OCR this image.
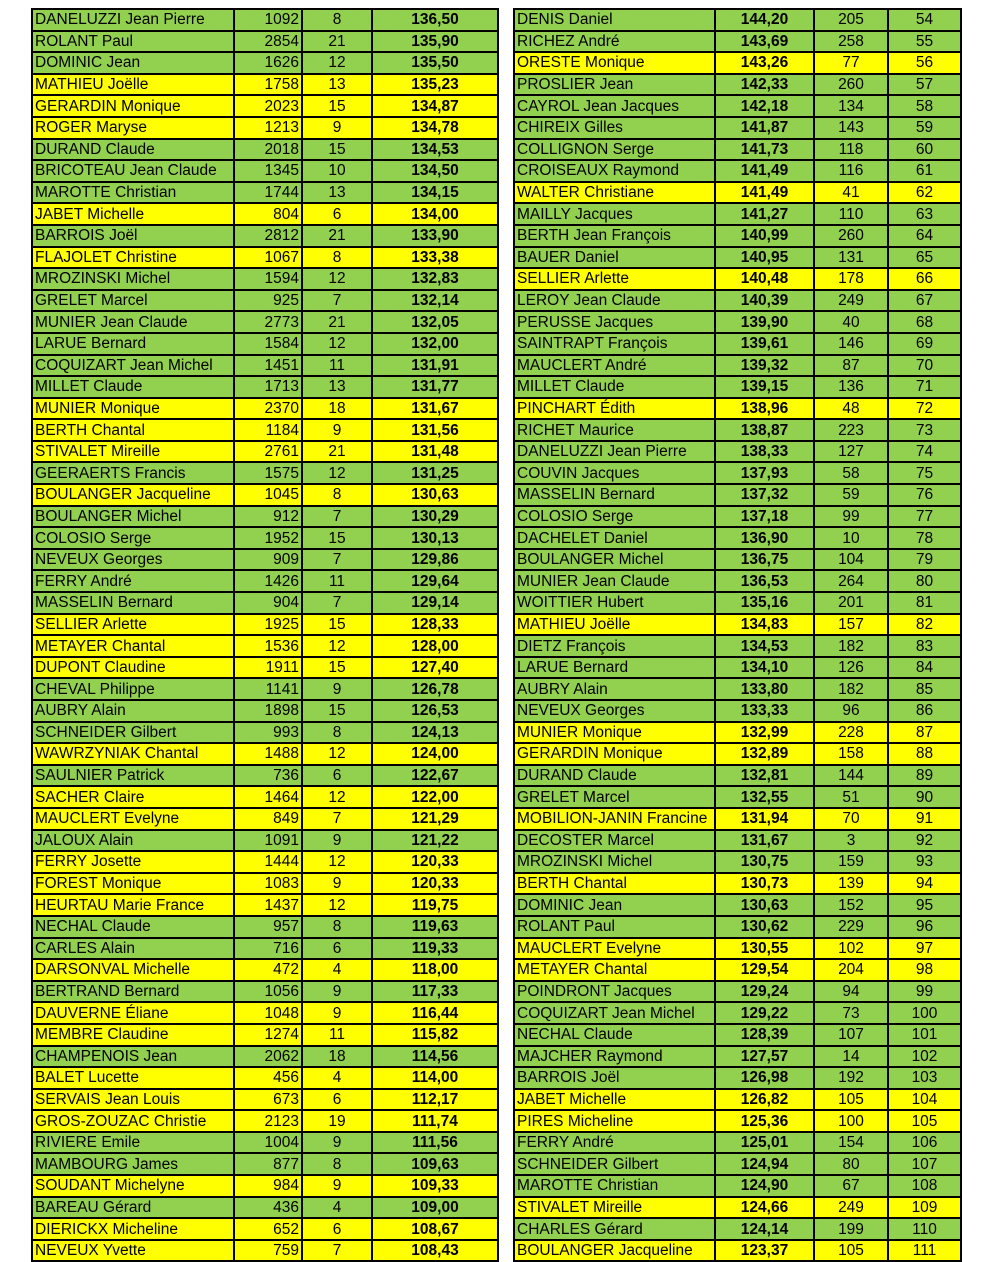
DANELUZZI Jean Pierre	1092	8	136,50
ROLANT Paul	2854	21	135,90
DOMINIC Jean	1626	12	135,50
MATHIEU Joëlle	1758	13	135,23
GERARDIN Monique	2023	15	134,87
ROGER Maryse	1213	9	134,78
DURAND Claude	2018	15	134,53
BRICOTEAU Jean Claude	1345	10	134,50
MAROTTE Christian	1744	13	134,15
JABET Michelle	804	6	134,00
BARROIS Joël	2812	21	133,90
FLAJOLET Christine	1067	8	133,38
MROZINSKI Michel	1594	12	132,83
GRELET Marcel	925	7	132,14
MUNIER Jean Claude	2773	21	132,05
LARUE Bernard	1584	12	132,00
COQUIZART Jean Michel	1451	11	131,91
MILLET Claude	1713	13	131,77
MUNIER Monique	2370	18	131,67
BERTH Chantal	1184	9	131,56
STIVALET Mireille	2761	21	131,48
GEERAERTS Francis	1575	12	131,25
BOULANGER Jacqueline	1045	8	130,63
BOULANGER Michel	912	7	130,29
COLOSIO Serge	1952	15	130,13
NEVEUX Georges	909	7	129,86
FERRY André	1426	11	129,64
MASSELIN Bernard	904	7	129,14
SELLIER Arlette	1925	15	128,33
METAYER Chantal	1536	12	128,00
DUPONT Claudine	1911	15	127,40
CHEVAL Philippe	1141	9	126,78
AUBRY Alain	1898	15	126,53
SCHNEIDER Gilbert	993	8	124,13
WAWRZYNIAK Chantal	1488	12	124,00
SAULNIER Patrick	736	6	122,67
SACHER Claire	1464	12	122,00
MAUCLERT Evelyne	849	7	121,29
JALOUX Alain	1091	9	121,22
FERRY Josette	1444	12	120,33
FOREST Monique	1083	9	120,33
HEURTAU Marie France	1437	12	119,75
NECHAL Claude	957	8	119,63
CARLES Alain	716	6	119,33
DARSONVAL Michelle	472	4	118,00
BERTRAND Bernard	1056	9	117,33
DAUVERNE Éliane	1048	9	116,44
MEMBRE Claudine	1274	11	115,82
CHAMPENOIS Jean	2062	18	114,56
BALET Lucette	456	4	114,00
SERVAIS Jean Louis	673	6	112,17
GROS-ZOUZAC Christie	2123	19	111,74
RIVIERE Emile	1004	9	111,56
MAMBOURG James	877	8	109,63
SOUDANT Michelyne	984	9	109,33
BAREAU Gérard	436	4	109,00
DIERICKX Micheline	652	6	108,67
NEVEUX Yvette	759	7	108,43
DENIS Daniel	144,20	205	54
RICHEZ André	143,69	258	55
ORESTE Monique	143,26	77	56
PROSLIER Jean	142,33	260	57
CAYROL Jean Jacques	142,18	134	58
CHIREIX Gilles	141,87	143	59
COLLIGNON Serge	141,73	118	60
CROISEAUX Raymond	141,49	116	61
WALTER Christiane	141,49	41	62
MAILLY Jacques	141,27	110	63
BERTH Jean François	140,99	260	64
BAUER Daniel	140,95	131	65
SELLIER Arlette	140,48	178	66
LEROY Jean Claude	140,39	249	67
PERUSSE Jacques	139,90	40	68
SAINTRAPT François	139,61	146	69
MAUCLERT André	139,32	87	70
MILLET Claude	139,15	136	71
PINCHART Édith	138,96	48	72
RICHET Maurice	138,87	223	73
DANELUZZI Jean Pierre	138,33	127	74
COUVIN Jacques	137,93	58	75
MASSELIN Bernard	137,32	59	76
COLOSIO Serge	137,18	99	77
DACHELET Daniel	136,90	10	78
BOULANGER Michel	136,75	104	79
MUNIER Jean Claude	136,53	264	80
WOITTIER Hubert	135,16	201	81
MATHIEU Joëlle	134,83	157	82
DIETZ François	134,53	182	83
LARUE Bernard	134,10	126	84
AUBRY Alain	133,80	182	85
NEVEUX Georges	133,33	96	86
MUNIER Monique	132,99	228	87
GERARDIN Monique	132,89	158	88
DURAND Claude	132,81	144	89
GRELET Marcel	132,55	51	90
MOBILION-JANIN Francine	131,94	70	91
DECOSTER Marcel	131,67	3	92
MROZINSKI Michel	130,75	159	93
BERTH Chantal	130,73	139	94
DOMINIC Jean	130,63	152	95
ROLANT Paul	130,62	229	96
MAUCLERT Evelyne	130,55	102	97
METAYER Chantal	129,54	204	98
POINDRONT Jacques	129,24	94	99
COQUIZART Jean Michel	129,22	73	100
NECHAL Claude	128,39	107	101
MAJCHER Raymond	127,57	14	102
BARROIS Joël	126,98	192	103
JABET Michelle	126,82	105	104
PIRES Micheline	125,36	100	105
FERRY André	125,01	154	106
SCHNEIDER Gilbert	124,94	80	107
MAROTTE Christian	124,90	67	108
STIVALET Mireille	124,66	249	109
CHARLES Gérard	124,14	199	110
BOULANGER Jacqueline	123,37	105	111
